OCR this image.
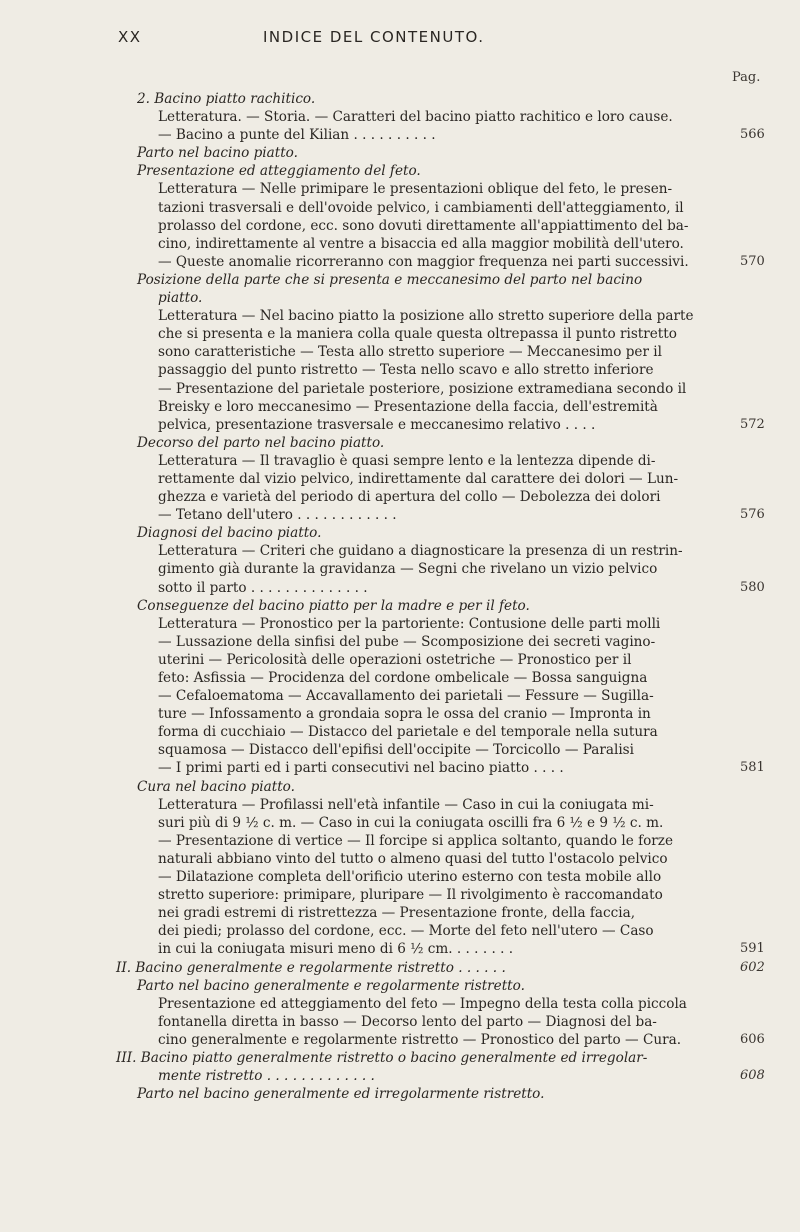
XX	INDICE DEL CONTENUTO.
Pag.
2. Bacino piatto rachitico.
Letteratura. — Storia. — Caratteri del bacino piatto rachitico e loro cause.
— Bacino a punte del Kilian . . . . . . . . . .	566
Parto nel bacino piatto.
Presentazione ed atteggiamento del feto.
Letteratura — Nelle primipare le presentazioni oblique del feto, le presen-
tazioni trasversali e dell'ovoide pelvico, i cambiamenti dell'atteggiamento, il
prolasso del cordone, ecc. sono dovuti direttamente all'appiattimento del ba-
cino, indirettamente al ventre a bisaccia ed alla maggior mobilità dell'utero.
— Queste anomalie ricorreranno con maggior frequenza nei parti successivi.	570
Posizione della parte che si presenta e meccanesimo del parto nel bacino
piatto.
Letteratura — Nel bacino piatto la posizione allo stretto superiore della parte
che si presenta e la maniera colla quale questa oltrepassa il punto ristretto
sono caratteristiche — Testa allo stretto superiore — Meccanesimo per il
passaggio del punto ristretto — Testa nello scavo e allo stretto inferiore
— Presentazione del parietale posteriore, posizione extramediana secondo il
Breisky e loro meccanesimo — Presentazione della faccia, dell'estremità
pelvica, presentazione trasversale e meccanesimo relativo . . . .	572
Decorso del parto nel bacino piatto.
Letteratura — Il travaglio è quasi sempre lento e la lentezza dipende di-
rettamente dal vizio pelvico, indirettamente dal carattere dei dolori — Lun-
ghezza e varietà del periodo di apertura del collo — Debolezza dei dolori
— Tetano dell'utero . . . . . . . . . . . .	576
Diagnosi del bacino piatto.
Letteratura — Criteri che guidano a diagnosticare la presenza di un restrin-
gimento già durante la gravidanza — Segni che rivelano un vizio pelvico
sotto il parto . . . . . . . . . . . . . .	580
Conseguenze del bacino piatto per la madre e per il feto.
Letteratura — Pronostico per la partoriente: Contusione delle parti molli
— Lussazione della sinfisi del pube — Scomposizione dei secreti vagino-
uterini — Pericolosità delle operazioni ostetriche — Pronostico per il
feto: Asfissia — Procidenza del cordone ombelicale — Bossa sanguigna
— Cefaloematoma — Accavallamento dei parietali — Fessure — Sugilla-
ture — Infossamento a grondaia sopra le ossa del cranio — Impronta in
forma di cucchiaio — Distacco del parietale e del temporale nella sutura
squamosa — Distacco dell'epifisi dell'occipite — Torcicollo — Paralisi
— I primi parti ed i parti consecutivi nel bacino piatto . . . .	581
Cura nel bacino piatto.
Letteratura — Profilassi nell'età infantile — Caso in cui la coniugata mi-
suri più di 9 ½ c. m. — Caso in cui la coniugata oscilli fra 6 ½ e 9 ½ c. m.
— Presentazione di vertice — Il forcipe si applica soltanto, quando le forze
naturali abbiano vinto del tutto o almeno quasi del tutto l'ostacolo pelvico
— Dilatazione completa dell'orificio uterino esterno con testa mobile allo
stretto superiore: primipare, pluripare — Il rivolgimento è raccomandato
nei gradi estremi di ristrettezza — Presentazione fronte, della faccia,
dei piedi; prolasso del cordone, ecc. — Morte del feto nell'utero — Caso
in cui la coniugata misuri meno di 6 ½ cm. . . . . . . .	591
II. Bacino generalmente e regolarmente ristretto . . . . . .	602
Parto nel bacino generalmente e regolarmente ristretto.
Presentazione ed atteggiamento del feto — Impegno della testa colla piccola
fontanella diretta in basso — Decorso lento del parto — Diagnosi del ba-
cino generalmente e regolarmente ristretto — Pronostico del parto — Cura.	606
III. Bacino piatto generalmente ristretto o bacino generalmente ed irregolar-
mente ristretto . . . . . . . . . . . . .	608
Parto nel bacino generalmente ed irregolarmente ristretto.
